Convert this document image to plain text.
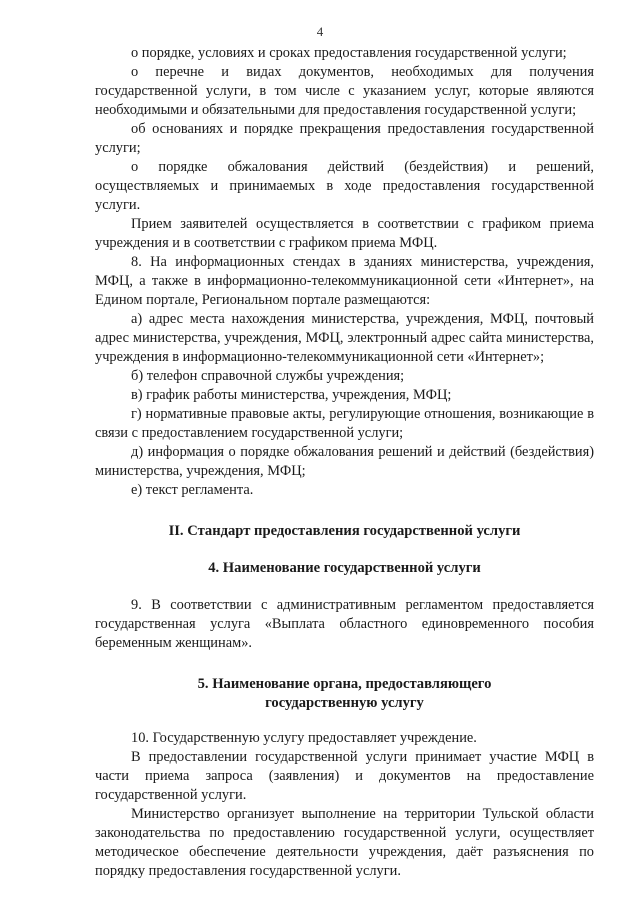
4

о порядке, условиях и сроках предоставления государственной услуги;

о перечне и видах документов, необходимых для получения государственной услуги, в том числе с указанием услуг, которые являются необходимыми и обязательными для предоставления государственной услуги;

об основаниях и порядке прекращения предоставления государственной услуги;

о порядке обжалования действий (бездействия) и решений, осуществляемых и принимаемых в ходе предоставления государственной услуги.

Прием заявителей осуществляется в соответствии с графиком приема учреждения и в соответствии с графиком приема МФЦ.

8. На информационных стендах в зданиях министерства, учреждения, МФЦ, а также в информационно-телекоммуникационной сети «Интернет», на Едином портале, Региональном портале размещаются:

а) адрес места нахождения министерства, учреждения, МФЦ, почтовый адрес министерства, учреждения, МФЦ, электронный адрес сайта министерства, учреждения в информационно-телекоммуникационной сети «Интернет»;

б) телефон справочной службы учреждения;

в) график работы министерства, учреждения, МФЦ;

г) нормативные правовые акты, регулирующие отношения, возникающие в связи с предоставлением государственной услуги;

д) информация о порядке обжалования решений и действий (бездействия) министерства, учреждения, МФЦ;

е) текст регламента.

II. Стандарт предоставления государственной услуги

4. Наименование государственной услуги

9. В соответствии с административным регламентом предоставляется государственная услуга «Выплата областного единовременного пособия беременным женщинам».

5. Наименование органа, предоставляющего

государственную услугу

10. Государственную услугу предоставляет учреждение.

В предоставлении государственной услуги принимает участие МФЦ в части приема запроса (заявления) и документов на предоставление государственной услуги.

Министерство организует выполнение на территории Тульской области законодательства по предоставлению государственной услуги, осуществляет методическое обеспечение деятельности учреждения, даёт разъяснения по порядку предоставления государственной услуги.
